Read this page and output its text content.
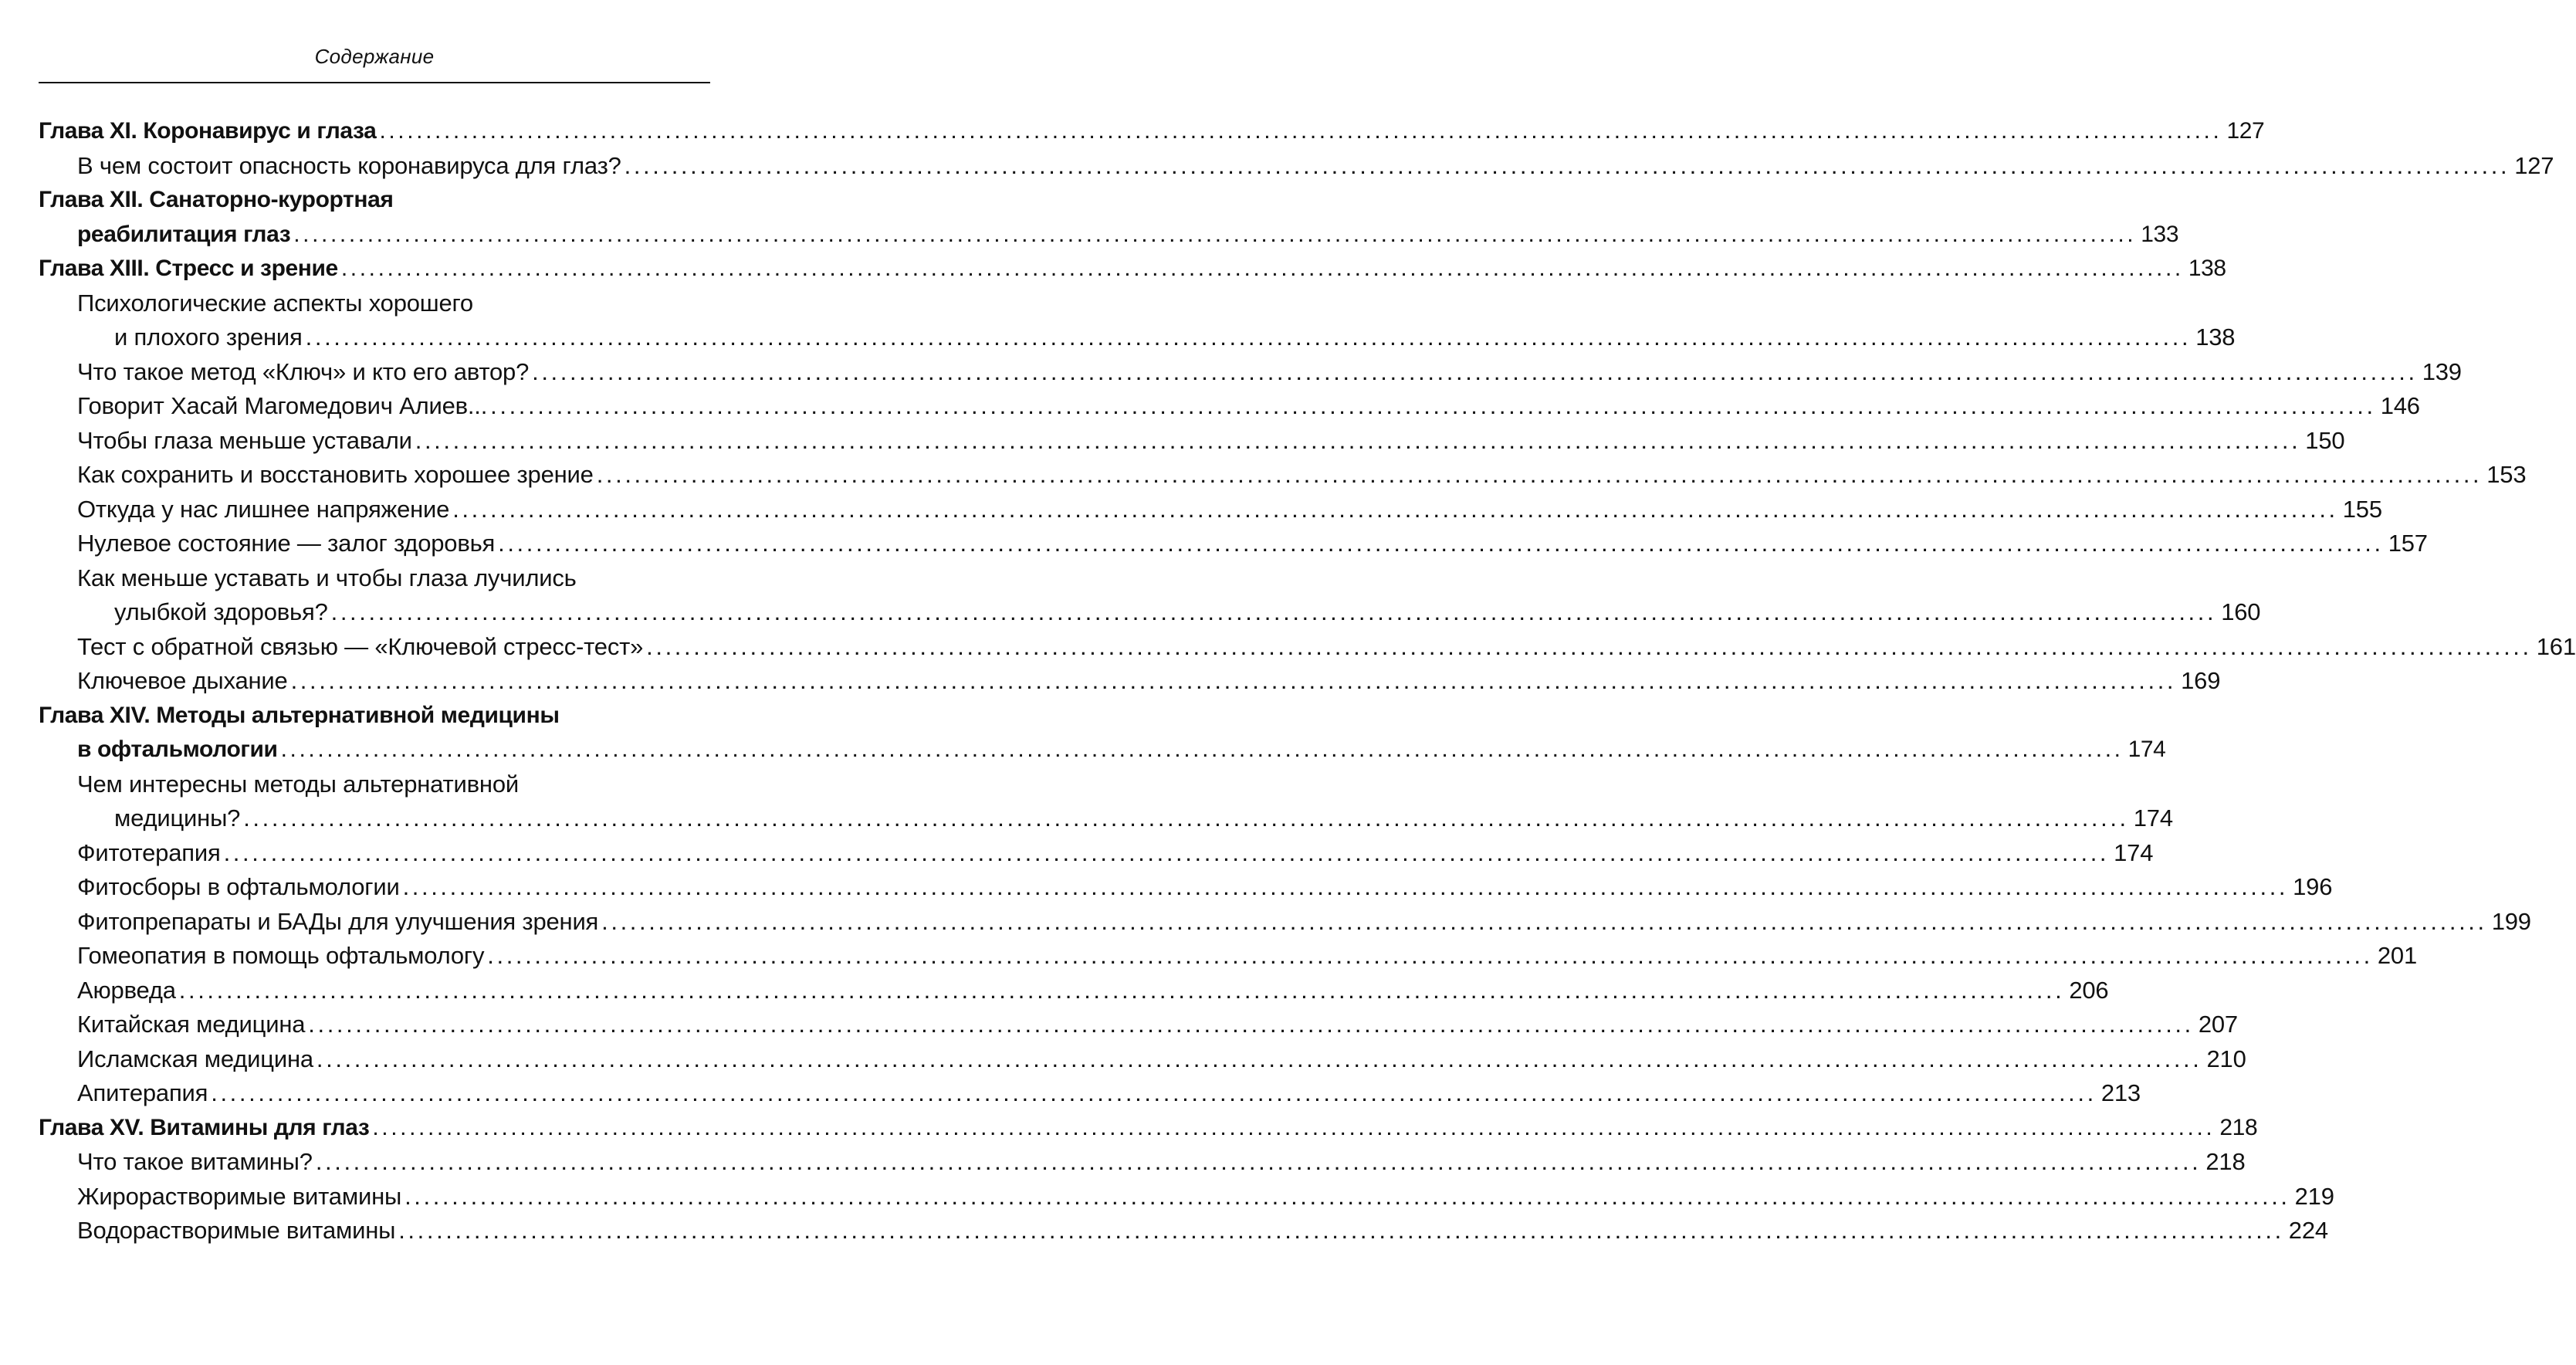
Содержание
Глава XI. Коронавирус и глаза ........................................................................................................................................................................................................ 127
В чем состоит опасность коронавируса для глаз? ........................................................................................................................................................................................................ 127
Глава XII. Санаторно-курортная
реабилитация глаз ........................................................................................................................................................................................................ 133
Глава XIII. Стресс и зрение ........................................................................................................................................................................................................ 138
Психологические аспекты хорошего
и плохого зрения ........................................................................................................................................................................................................ 138
Что такое метод «Ключ» и кто его автор? ........................................................................................................................................................................................................ 139
Говорит Хасай Магомедович Алиев... ........................................................................................................................................................................................................ 146
Чтобы глаза меньше уставали ........................................................................................................................................................................................................ 150
Как сохранить и восстановить хорошее зрение ........................................................................................................................................................................................................ 153
Откуда у нас лишнее напряжение ........................................................................................................................................................................................................ 155
Нулевое состояние — залог здоровья ........................................................................................................................................................................................................ 157
Как меньше уставать и чтобы глаза лучились
улыбкой здоровья? ........................................................................................................................................................................................................ 160
Тест с обратной связью — «Ключевой стресс-тест» ........................................................................................................................................................................................................ 161
Ключевое дыхание ........................................................................................................................................................................................................ 169
Глава XIV. Методы альтернативной медицины
в офтальмологии ........................................................................................................................................................................................................ 174
Чем интересны методы альтернативной
медицины? ........................................................................................................................................................................................................ 174
Фитотерапия ........................................................................................................................................................................................................ 174
Фитосборы в офтальмологии ........................................................................................................................................................................................................ 196
Фитопрепараты и БАДы для улучшения зрения ........................................................................................................................................................................................................ 199
Гомеопатия в помощь офтальмологу ........................................................................................................................................................................................................ 201
Аюрведа ........................................................................................................................................................................................................ 206
Китайская медицина ........................................................................................................................................................................................................ 207
Исламская медицина ........................................................................................................................................................................................................ 210
Апитерапия ........................................................................................................................................................................................................ 213
Глава XV. Витамины для глаз ........................................................................................................................................................................................................ 218
Что такое витамины? ........................................................................................................................................................................................................ 218
Жирорастворимые витамины ........................................................................................................................................................................................................ 219
Водорастворимые витамины ........................................................................................................................................................................................................ 224
